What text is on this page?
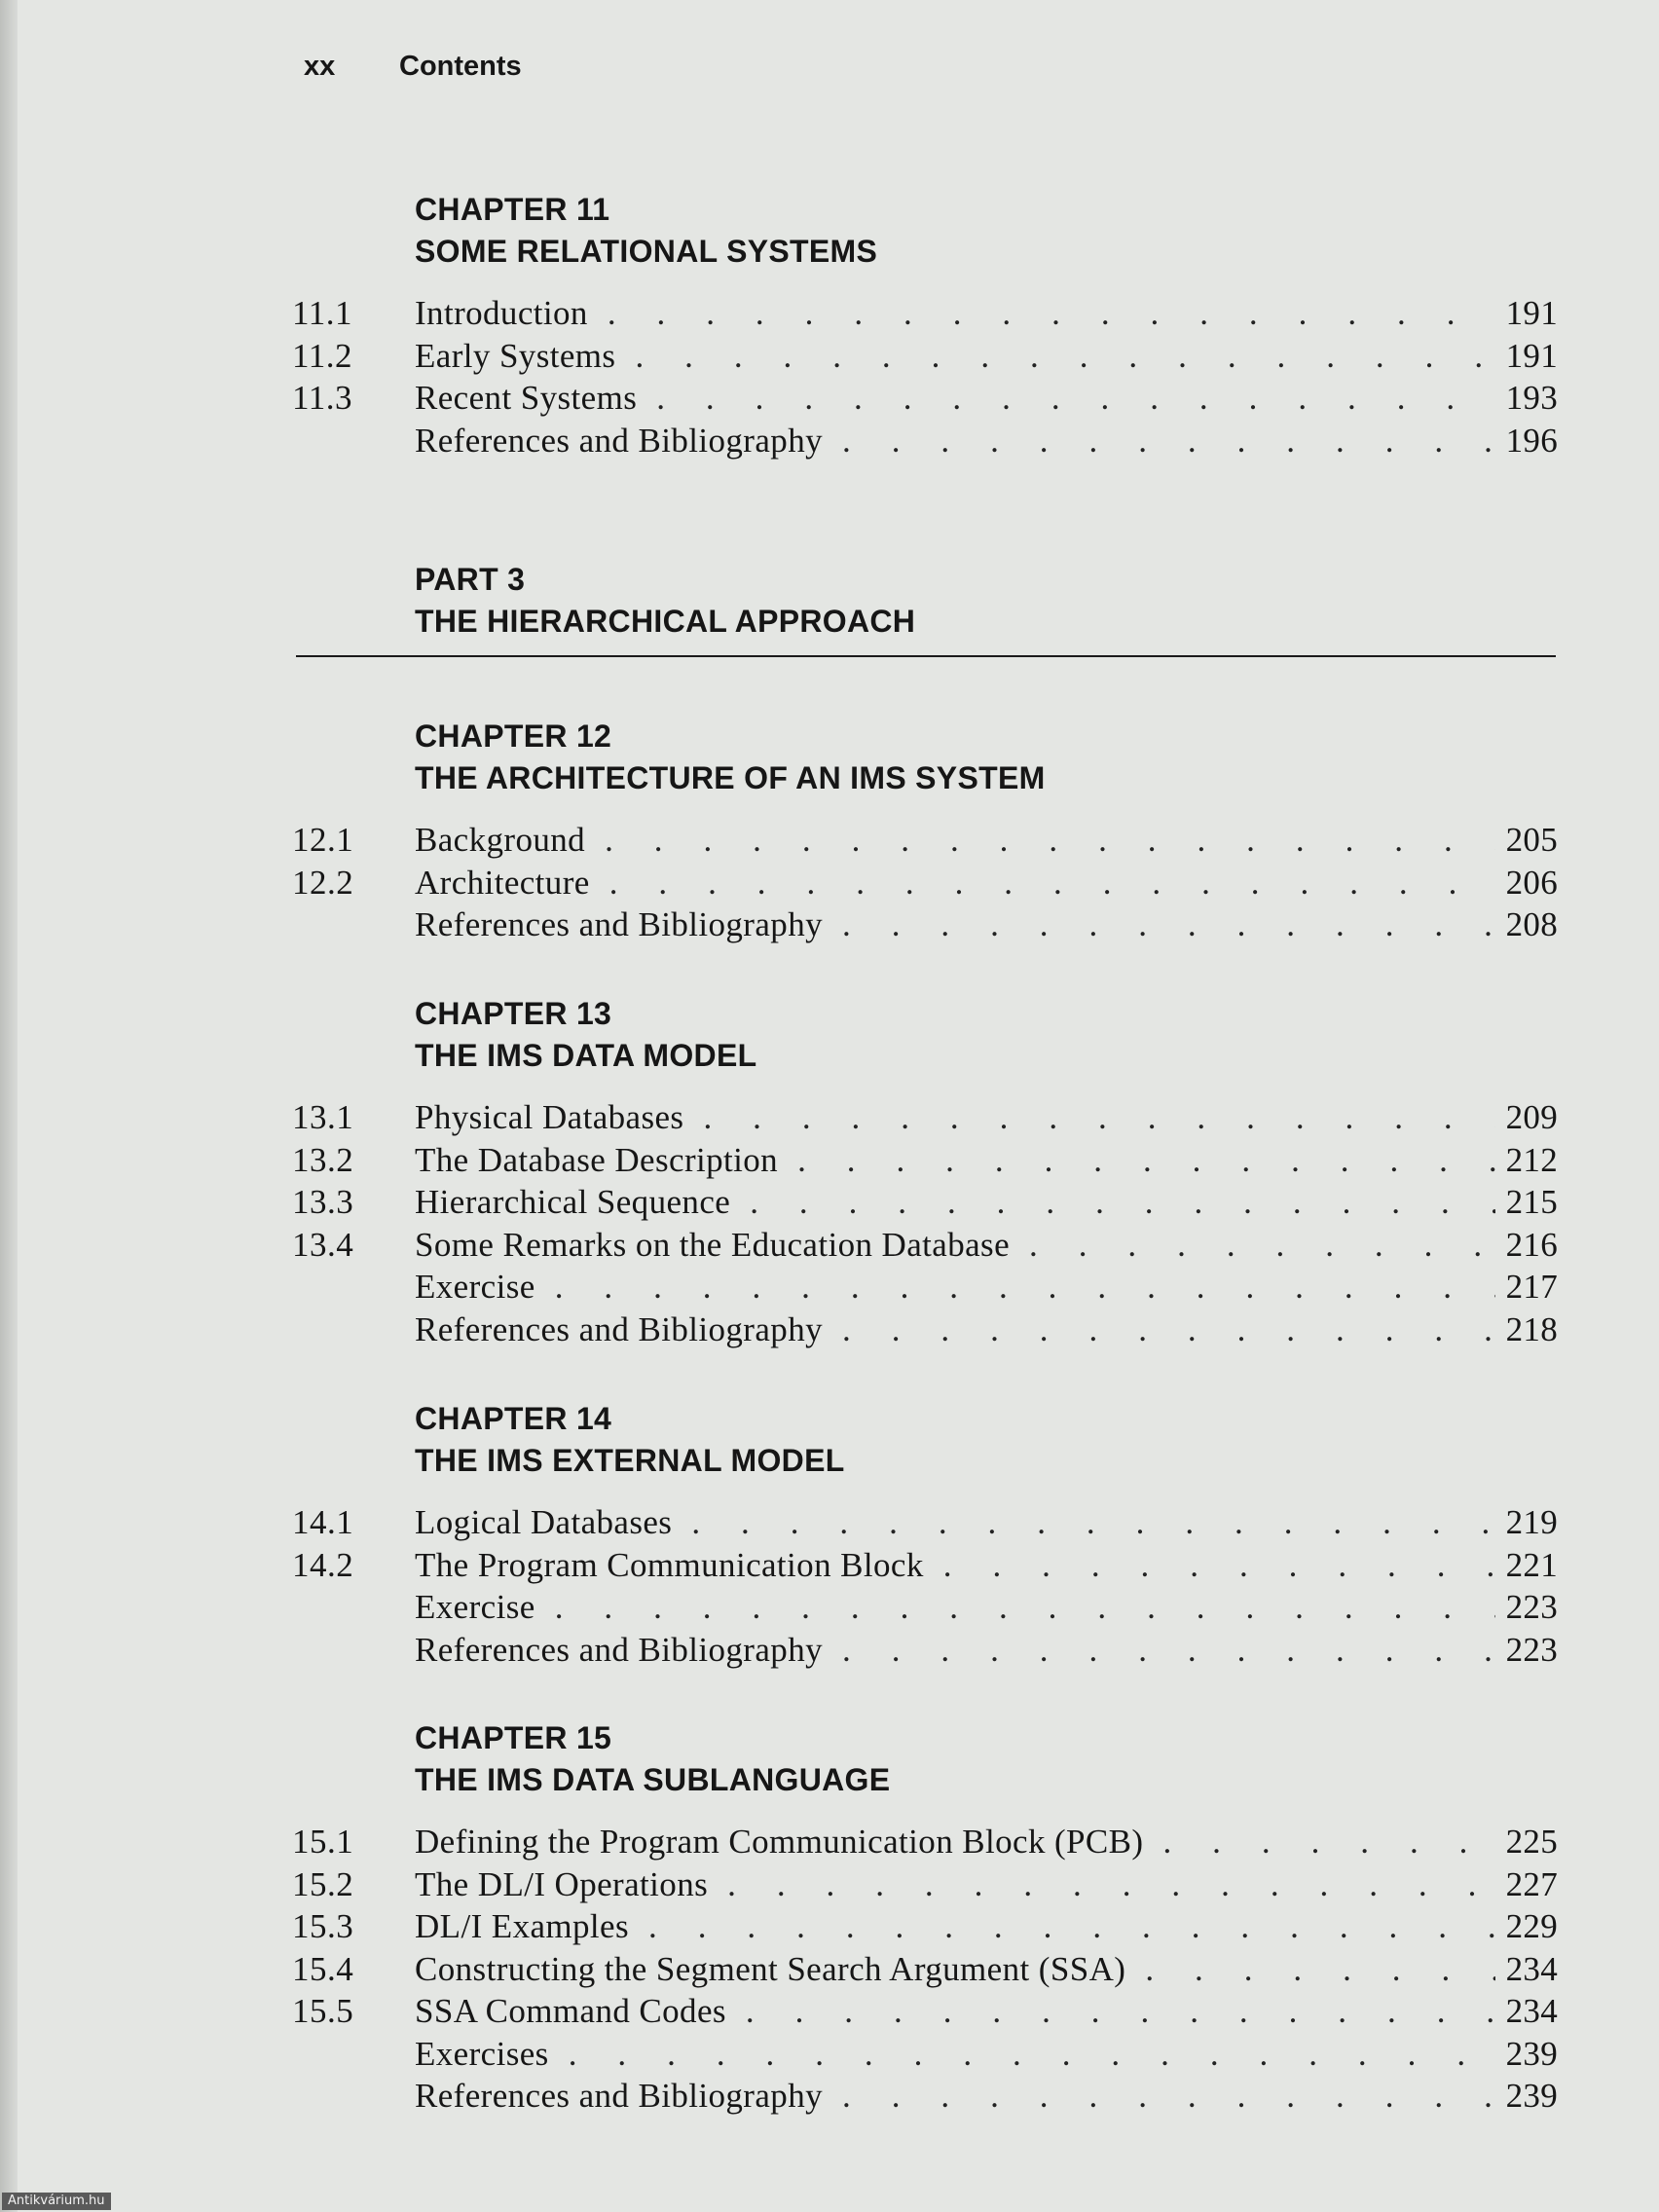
xx	Contents
CHAPTER 11
SOME RELATIONAL SYSTEMS
11.1	Introduction . . .	191
11.2	Early Systems . . .	191
11.3	Recent Systems . . .	193
References and Bibliography . . .	196
PART 3
THE HIERARCHICAL APPROACH
CHAPTER 12
THE ARCHITECTURE OF AN IMS SYSTEM
12.1	Background . . .	205
12.2	Architecture . . .	206
References and Bibliography . . .	208
CHAPTER 13
THE IMS DATA MODEL
13.1	Physical Databases . . .	209
13.2	The Database Description . . .	212
13.3	Hierarchical Sequence . . .	215
13.4	Some Remarks on the Education Database . . .	216
Exercise . . .	217
References and Bibliography . . .	218
CHAPTER 14
THE IMS EXTERNAL MODEL
14.1	Logical Databases . . .	219
14.2	The Program Communication Block . . .	221
Exercise . . .	223
References and Bibliography . . .	223
CHAPTER 15
THE IMS DATA SUBLANGUAGE
15.1	Defining the Program Communication Block (PCB) . . .	225
15.2	The DL/I Operations . . .	227
15.3	DL/I Examples . . .	229
15.4	Constructing the Segment Search Argument (SSA) . . .	234
15.5	SSA Command Codes . . .	234
Exercises . . .	239
References and Bibliography . . .	239
Antikvárium.hu
